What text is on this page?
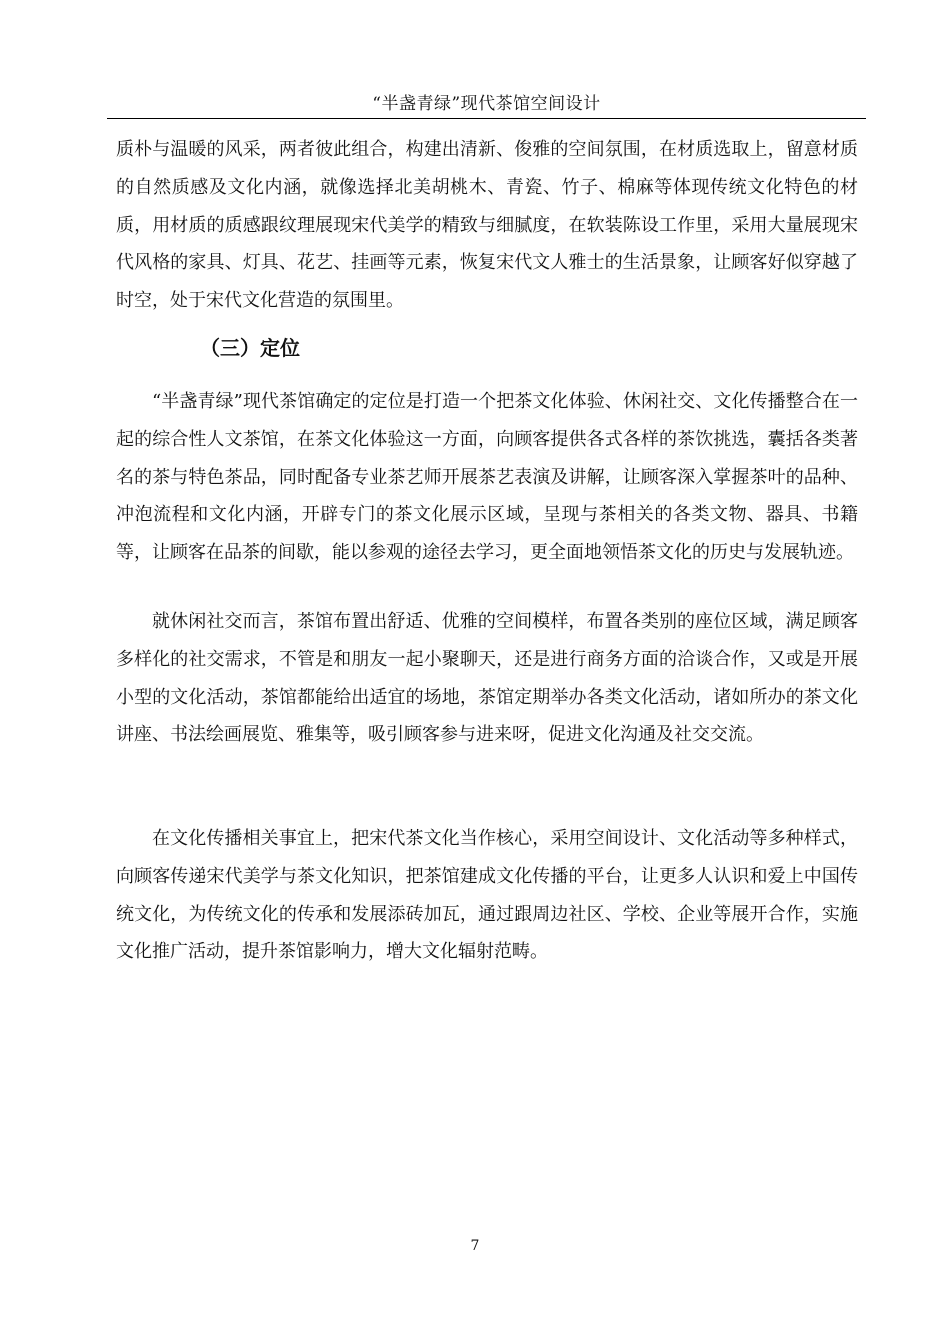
“半盏青绿”现代茶馆空间设计

质朴与温暖的风采，两者彼此组合，构建出清新、俊雅的空间氛围，在材质选取上，留意材质的自然质感及文化内涵，就像选择北美胡桃木、青瓷、竹子、棉麻等体现传统文化特色的材质，用材质的质感跟纹理展现宋代美学的精致与细腻度，在软装陈设工作里，采用大量展现宋代风格的家具、灯具、花艺、挂画等元素，恢复宋代文人雅士的生活景象，让顾客好似穿越了时空，处于宋代文化营造的氛围里。

（三）定位

“半盏青绿”现代茶馆确定的定位是打造一个把茶文化体验、休闲社交、文化传播整合在一起的综合性人文茶馆，在茶文化体验这一方面，向顾客提供各式各样的茶饮挑选，囊括各类著名的茶与特色茶品，同时配备专业茶艺师开展茶艺表演及讲解，让顾客深入掌握茶叶的品种、冲泡流程和文化内涵，开辟专门的茶文化展示区域，呈现与茶相关的各类文物、器具、书籍等，让顾客在品茶的间歇，能以参观的途径去学习，更全面地领悟茶文化的历史与发展轨迹。

就休闲社交而言，茶馆布置出舒适、优雅的空间模样，布置各类别的座位区域，满足顾客多样化的社交需求，不管是和朋友一起小聚聊天，还是进行商务方面的洽谈合作，又或是开展小型的文化活动，茶馆都能给出适宜的场地，茶馆定期举办各类文化活动，诸如所办的茶文化讲座、书法绘画展览、雅集等，吸引顾客参与进来呀，促进文化沟通及社交交流。

在文化传播相关事宜上，把宋代茶文化当作核心，采用空间设计、文化活动等多种样式，向顾客传递宋代美学与茶文化知识，把茶馆建成文化传播的平台，让更多人认识和爱上中国传统文化，为传统文化的传承和发展添砖加瓦，通过跟周边社区、学校、企业等展开合作，实施文化推广活动，提升茶馆影响力，增大文化辐射范畴。

7
